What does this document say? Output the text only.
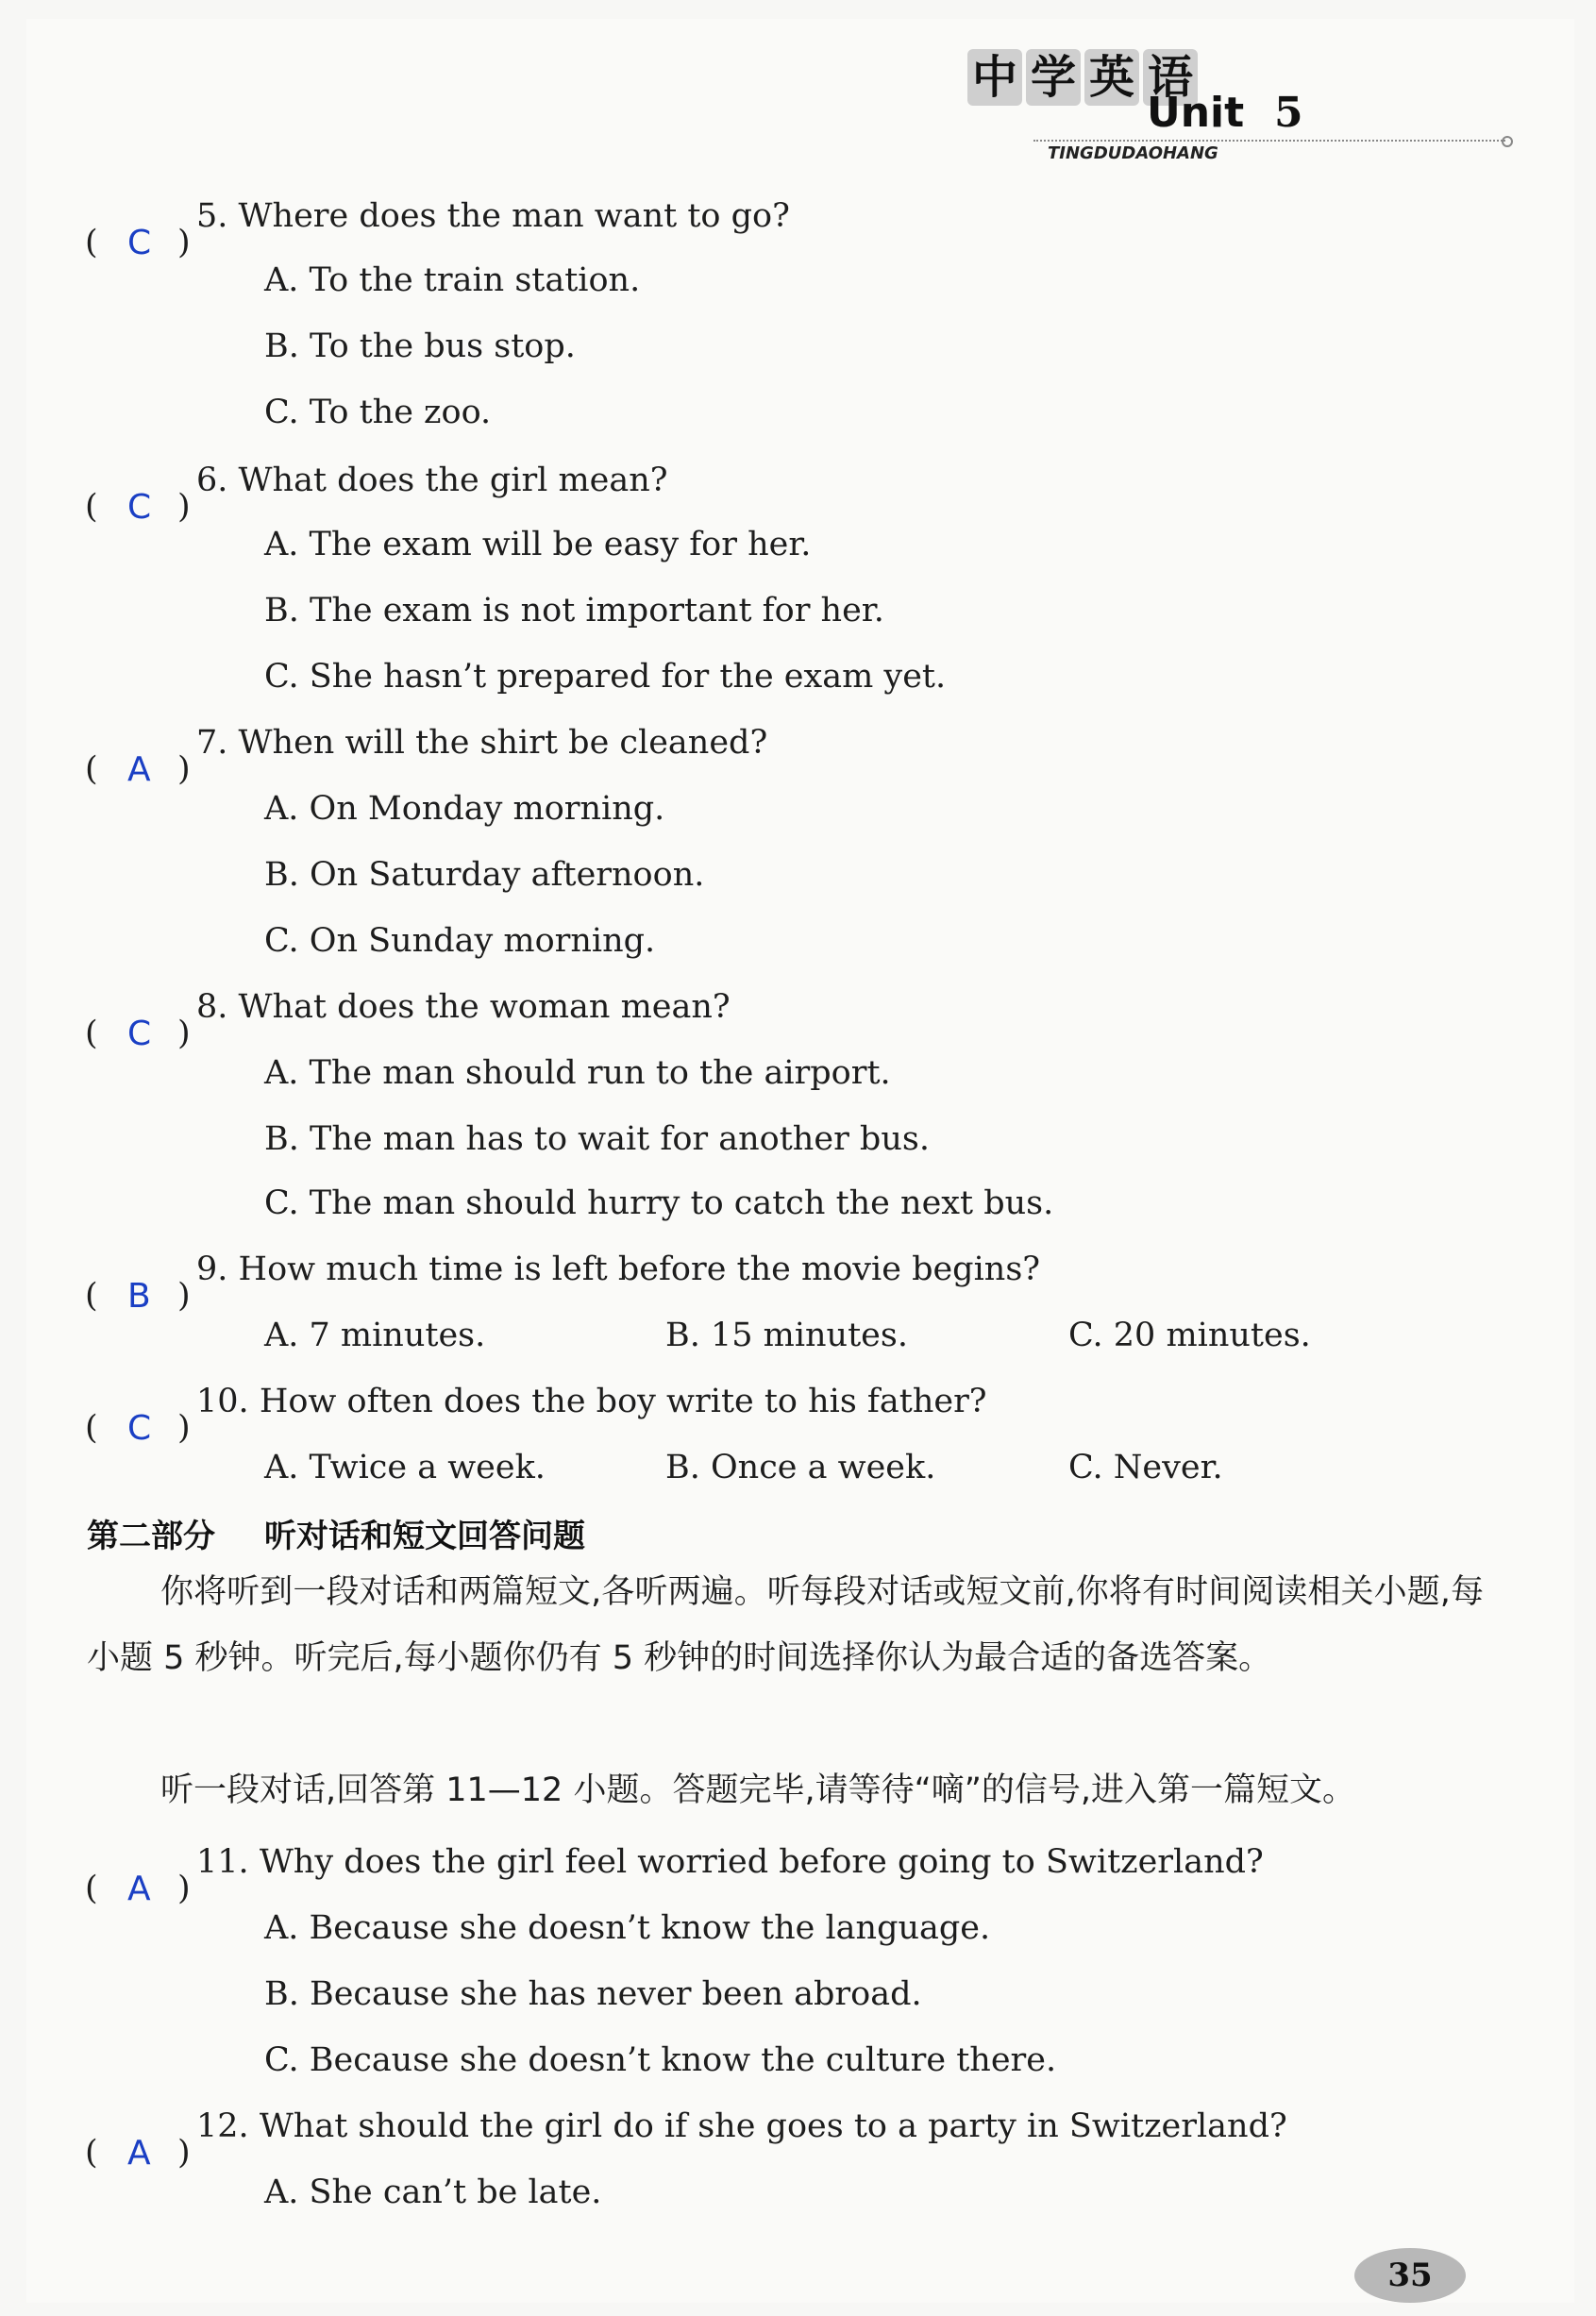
中 学 英 语
Unit 5
TINGDUDAOHANG
( C )
5. Where does the man want to go?
A. To the train station.
B. To the bus stop.
C. To the zoo.
( C )
6. What does the girl mean?
A. The exam will be easy for her.
B. The exam is not important for her.
C. She hasn’t prepared for the exam yet.
( A )
7. When will the shirt be cleaned?
A. On Monday morning.
B. On Saturday afternoon.
C. On Sunday morning.
( C )
8. What does the woman mean?
A. The man should run to the airport.
B. The man has to wait for another bus.
C. The man should hurry to catch the next bus.
( B )
9. How much time is left before the movie begins?
A. 7 minutes.	B. 15 minutes.	C. 20 minutes.
( C )
10. How often does the boy write to his father?
A. Twice a week.	B. Once a week.	C. Never.
第二部分 听对话和短文回答问题
你将听到一段对话和两篇短文,各听两遍。听每段对话或短文前,你将有时间阅读相关小题,每小题 5 秒钟。听完后,每小题你仍有 5 秒钟的时间选择你认为最合适的备选答案。
听一段对话,回答第 11—12 小题。答题完毕,请等待“嘀”的信号,进入第一篇短文。
( A )
11. Why does the girl feel worried before going to Switzerland?
A. Because she doesn’t know the language.
B. Because she has never been abroad.
C. Because she doesn’t know the culture there.
( A )
12. What should the girl do if she goes to a party in Switzerland?
A. She can’t be late.
35
